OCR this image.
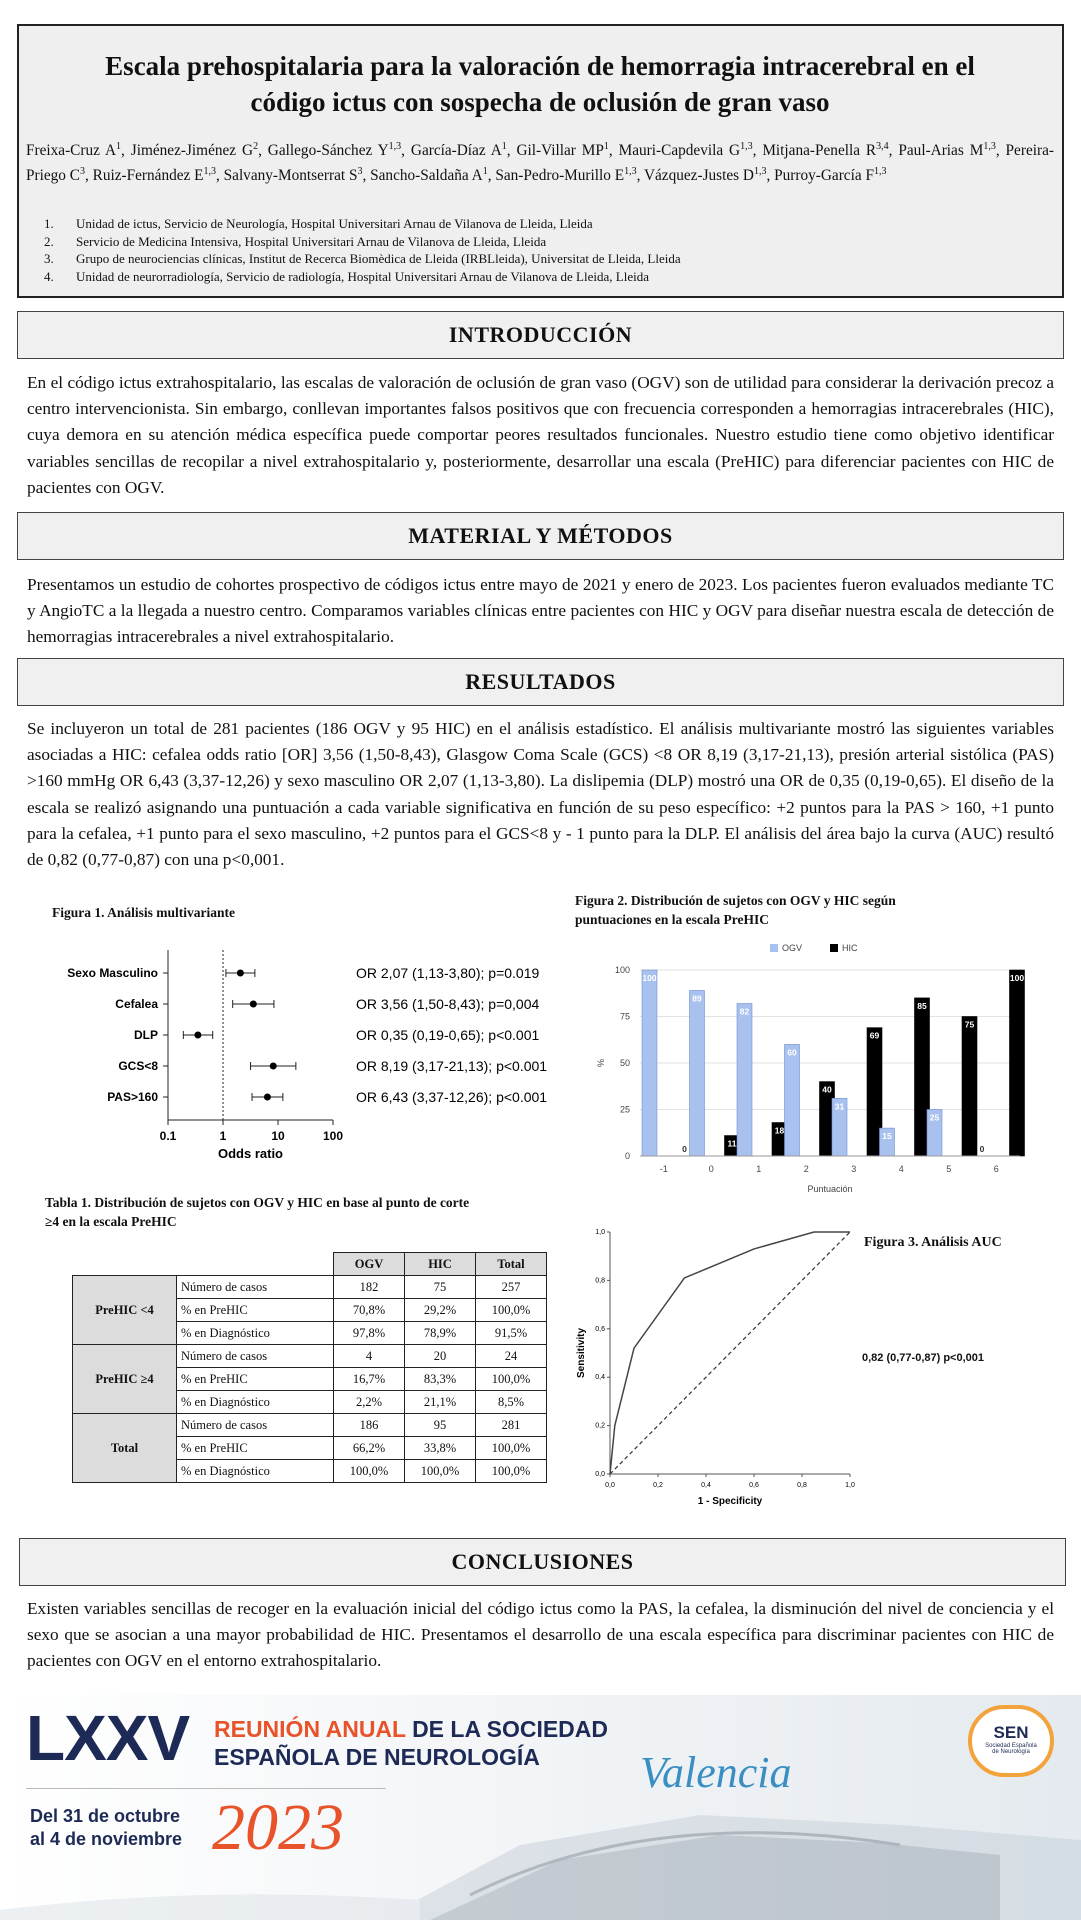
Escala prehospitalaria para la valoración de hemorragia intracerebral en el
código ictus con sospecha de oclusión de gran vaso
Freixa-Cruz $A^1$, Jiménez-Jiménez $G^2$, Gallego-Sánchez Y$^{1,3}$, García-Díaz $A^1$, Gil-Villar $MP^1$, Mauri-Capdevila G$^{1,3}$, Mitjana-Penella R$^{3,4}$, Paul-Arias M$^{1,3}$, Pereira-Priego $C^3$, Ruiz-Fernández E$^{1,3}$, Salvany-Montserrat $S^3$, Sancho-Saldaña $A^1$, San-Pedro-Murillo E$^{1,3}$, Vázquez-Justes D$^{1,3}$, Purroy-García F$^{1,3}$
1.	Unidad de ictus, Servicio de Neurología, Hospital Universitari Arnau de Vilanova de Lleida, Lleida
2.	Servicio de Medicina Intensiva, Hospital Universitari Arnau de Vilanova de Lleida, Lleida
3.	Grupo de neurociencias clínicas, Institut de Recerca Biomèdica de Lleida (IRBLleida), Universitat de Lleida, Lleida
4.	Unidad de neurorradiología, Servicio de radiología, Hospital Universitari Arnau de Vilanova de Lleida, Lleida
INTRODUCCIÓN
En el código ictus extrahospitalario, las escalas de valoración de oclusión de gran vaso (OGV) son de utilidad para considerar la derivación precoz a centro intervencionista. Sin embargo, conllevan importantes falsos positivos que con frecuencia corresponden a hemorragias intracerebrales (HIC), cuya demora en su atención médica específica puede comportar peores resultados funcionales. Nuestro estudio tiene como objetivo identificar variables sencillas de recopilar a nivel extrahospitalario y, posteriormente, desarrollar una escala (PreHIC) para diferenciar pacientes con HIC de pacientes con OGV.
MATERIAL Y MÉTODOS
Presentamos un estudio de cohortes prospectivo de códigos ictus entre mayo de 2021 y enero de 2023. Los pacientes fueron evaluados mediante TC y AngioTC a la llegada a nuestro centro. Comparamos variables clínicas entre pacientes con HIC y OGV para diseñar nuestra escala de detección de hemorragias intracerebrales a nivel extrahospitalario.
RESULTADOS
Se incluyeron un total de 281 pacientes (186 OGV y 95 HIC) en el análisis estadístico. El análisis multivariante mostró las siguientes variables asociadas a HIC: cefalea odds ratio [OR] 3,56 (1,50-8,43), Glasgow Coma Scale (GCS) <8 OR 8,19 (3,17-21,13), presión arterial sistólica (PAS) >160 mmHg OR 6,43 (3,37-12,26) y sexo masculino OR 2,07 (1,13-3,80). La dislipemia (DLP) mostró una OR de 0,35 (0,19-0,65). El diseño de la escala se realizó asignando una puntuación a cada variable significativa en función de su peso específico: +2 puntos para la PAS > 160, +1 punto para la cefalea, +1 punto para el sexo masculino, +2 puntos para el GCS<8 y - 1 punto para la DLP. El análisis del área bajo la curva (AUC) resultó de 0,82 (0,77-0,87) con una p<0,001.
Figura 1. Análisis multivariante
0.1	1	10	100
Odds ratio
Sexo Masculino	OR 2,07 (1,13-3,80); p=0.019
Cefalea	OR 3,56 (1,50-8,43); p=0,004
DLP	OR 0,35 (0,19-0,65); p<0.001
GCS<8	OR 8,19 (3,17-21,13); p<0.001
PAS>160	OR 6,43 (3,37-12,26); p<0.001
Figura 2. Distribución de sujetos con OGV y HIC según
puntuaciones en la escala PreHIC
0
25
50
75
100
%
-1
100
0
0
89
11
1
82
18
2
60
40
3
31
69
4
15
85
5
25
75
6
0
100
Puntuación
OGV	HIC
Tabla 1. Distribución de sujetos con OGV y HIC en base al punto de corte
≥4 en la escala PreHIC
		OGV	HIC	Total
PreHIC <4	Número de casos	182	75	257
	% en PreHIC	70,8%	29,2%	100,0%
	% en Diagnóstico	97,8%	78,9%	91,5%
PreHIC ≥4	Número de casos	4	20	24
	% en PreHIC	16,7%	83,3%	100,0%
	% en Diagnóstico	2,2%	21,1%	8,5%
Total	Número de casos	186	95	281
	% en PreHIC	66,2%	33,8%	100,0%
	% en Diagnóstico	100,0%	100,0%	100,0%
0,0	0,2	0,4	0,6	0,8	1,0
0,0
0,2
0,4
0,6
0,8
1,0
1 - Specificity
Sensitivity
Figura 3. Análisis AUC
0,82 (0,77-0,87) p<0,001
CONCLUSIONES
Existen variables sencillas de recoger en la evaluación inicial del código ictus como la PAS, la cefalea, la disminución del nivel de conciencia y el sexo que se asocian a una mayor probabilidad de HIC. Presentamos el desarrollo de una escala específica para discriminar pacientes con HIC de pacientes con OGV en el entorno extrahospitalario.
LXXV REUNIÓN ANUAL DE LA SOCIEDAD
ESPAÑOLA DE NEUROLOGÍA	Valencia
Del 31 de octubre
al 4 de noviembre 2023
SEN
Sociedad Española
de Neurología
